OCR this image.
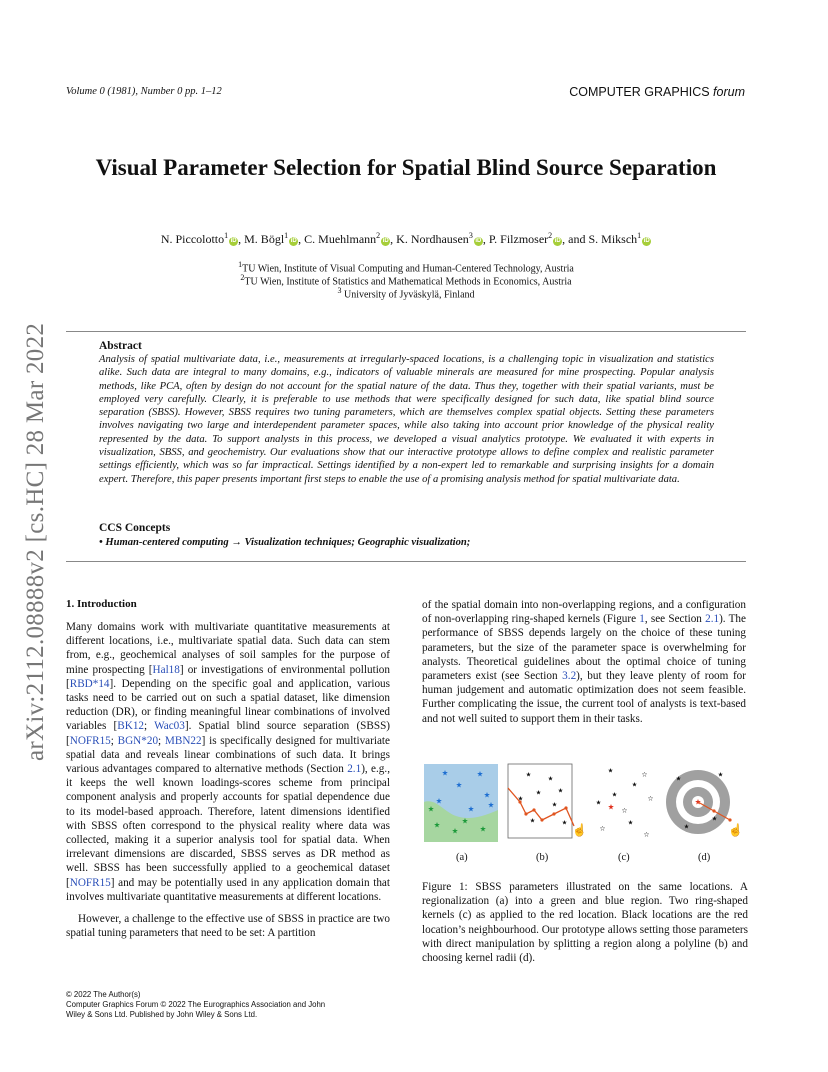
Volume 0 (1981), Number 0 pp. 1–12	COMPUTER GRAPHICS forum
arXiv:2112.08888v2 [cs.HC] 28 Mar 2022
Visual Parameter Selection for Spatial Blind Source Separation
N. Piccolotto$^1$iD , M. Bögl$^1$iD , C. Muehlmann$^2$iD , K. Nordhausen$^3$iD , P. Filzmoser$^2$iD , and S. Miksch$^1$iD
$^1$TU Wien, Institute of Visual Computing and Human-Centered Technology, Austria
$^2$TU Wien, Institute of Statistics and Mathematical Methods in Economics, Austria
$^3$ University of Jyväskylä, Finland
Abstract
Analysis of spatial multivariate data, i.e., measurements at irregularly-spaced locations, is a challenging topic in visualization and statistics alike. Such data are integral to many domains, e.g., indicators of valuable minerals are measured for mine prospecting. Popular analysis methods, like PCA, often by design do not account for the spatial nature of the data. Thus they, together with their spatial variants, must be employed very carefully. Clearly, it is preferable to use methods that were specifically designed for such data, like spatial blind source separation (SBSS). However, SBSS requires two tuning parameters, which are themselves complex spatial objects. Setting these parameters involves navigating two large and interdependent parameter spaces, while also taking into account prior knowledge of the physical reality represented by the data. To support analysts in this process, we developed a visual analytics prototype. We evaluated it with experts in visualization, SBSS, and geochemistry. Our evaluations show that our interactive prototype allows to define complex and realistic parameter settings efficiently, which was so far impractical. Settings identified by a non-expert led to remarkable and surprising insights for a domain expert. Therefore, this paper presents important first steps to enable the use of a promising analysis method for spatial multivariate data.
CCS Concepts
• Human-centered computing → Visualization techniques; Geographic visualization;
1. Introduction

Many domains work with multivariate quantitative measurements at different locations, i.e., multivariate spatial data. Such data can stem from, e.g., geochemical analyses of soil samples for the purpose of mine prospecting [Hal18] or investigations of environmental pollution [RBD*14]. Depending on the specific goal and application, various tasks need to be carried out on such a spatial dataset, like dimension reduction (DR), or finding meaningful linear combinations of involved variables [BK12; Wac03]. Spatial blind source separation (SBSS) [NOFR15; BGN*20; MBN22] is specifically designed for multivariate spatial data and reveals linear combinations of such data. It brings various advantages compared to alternative methods (Section 2.1), e.g., it keeps the well known loadings-scores scheme from principal component analysis and properly accounts for spatial dependence due to its model-based approach. Therefore, latent dimensions identified with SBSS often correspond to the physical reality where data was collected, making it a superior analysis tool for spatial data. When irrelevant dimensions are discarded, SBSS serves as DR method as well. SBSS has been successfully applied to a geochemical dataset [NOFR15] and may be potentially used in any application domain that involves multivariate quantitative measurements at different locations.

However, a challenge to the effective use of SBSS in practice are two spatial tuning parameters that need to be set: A partition

of the spatial domain into non-overlapping regions, and a configuration of non-overlapping ring-shaped kernels (Figure 1, see Section 2.1). The performance of SBSS depends largely on the choice of these tuning parameters, but the size of the parameter space is overwhelming for analysts. Theoretical guidelines about the optimal choice of tuning parameters exist (see Section 3.2), but they leave plenty of room for human judgement and automatic optimization does not seem feasible. Further complicating the issue, the current tool of analysts is text-based and not well suited to support them in their tasks.

☝	☝
(a)	(b)	(c)	(d)
Figure 1: SBSS parameters illustrated on the same locations. A regionalization (a) into a green and blue region. Two ring-shaped kernels (c) as applied to the red location. Black locations are the red location’s neighbourhood. Our prototype allows setting those parameters with direct manipulation by splitting a region along a polyline (b) and choosing kernel radii (d).
© 2022 The Author(s)
Computer Graphics Forum © 2022 The Eurographics Association and John
Wiley & Sons Ltd. Published by John Wiley & Sons Ltd.
